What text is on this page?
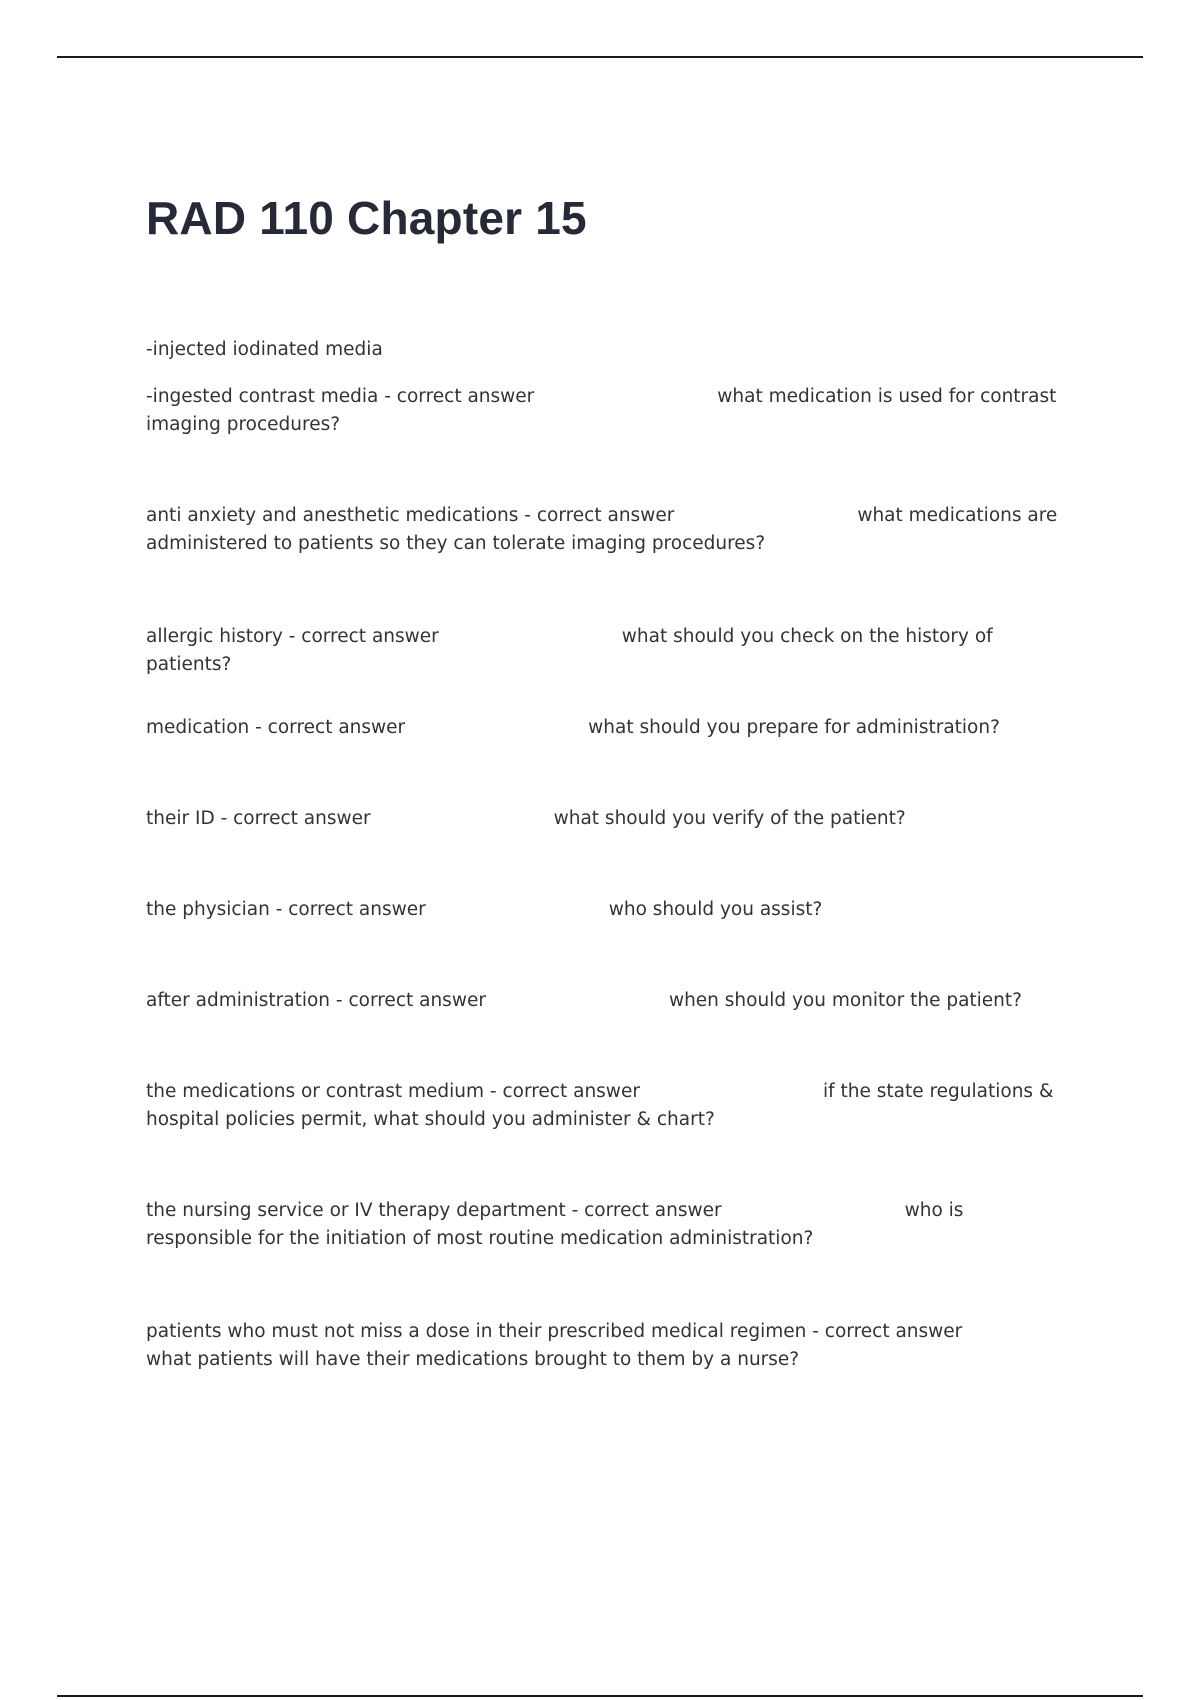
RAD 110 Chapter 15

-injected iodinated media

-ingested contrast media - correct answer	what medication is used for contrast imaging procedures?

anti anxiety and anesthetic medications - correct answer	what medications are administered to patients so they can tolerate imaging procedures?

allergic history - correct answer	what should you check on the history of patients?

medication - correct answer	what should you prepare for administration?

their ID - correct answer	what should you verify of the patient?

the physician - correct answer	who should you assist?

after administration - correct answer	when should you monitor the patient?

the medications or contrast medium - correct answer	if the state regulations & hospital policies permit, what should you administer & chart?

the nursing service or IV therapy department - correct answer	who is responsible for the initiation of most routine medication administration?

patients who must not miss a dose in their prescribed medical regimen - correct answer
what patients will have their medications brought to them by a nurse?
